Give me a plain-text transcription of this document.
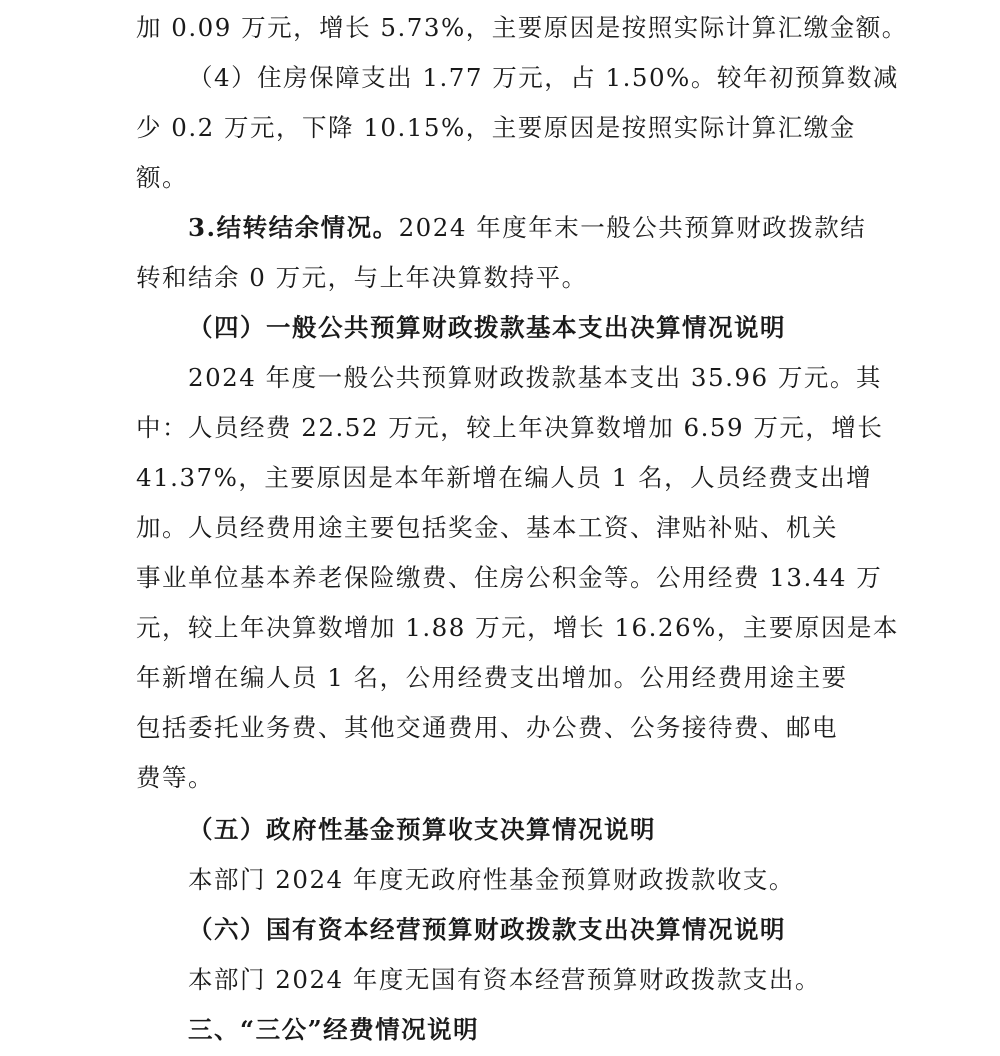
加 0.09 万元，增长 5.73%，主要原因是按照实际计算汇缴金额。
（4）住房保障支出 1.77 万元，占 1.50%。较年初预算数减
少 0.2 万元，下降 10.15%，主要原因是按照实际计算汇缴金
额。
3.结转结余情况。2024 年度年末一般公共预算财政拨款结
转和结余 0 万元，与上年决算数持平。
（四）一般公共预算财政拨款基本支出决算情况说明
2024 年度一般公共预算财政拨款基本支出 35.96 万元。其
中：人员经费 22.52 万元，较上年决算数增加 6.59 万元，增长
41.37%，主要原因是本年新增在编人员 1 名，人员经费支出增
加。人员经费用途主要包括奖金、基本工资、津贴补贴、机关
事业单位基本养老保险缴费、住房公积金等。公用经费 13.44 万
元，较上年决算数增加 1.88 万元，增长 16.26%，主要原因是本
年新增在编人员 1 名，公用经费支出增加。公用经费用途主要
包括委托业务费、其他交通费用、办公费、公务接待费、邮电
费等。
（五）政府性基金预算收支决算情况说明
本部门 2024 年度无政府性基金预算财政拨款收支。
（六）国有资本经营预算财政拨款支出决算情况说明
本部门 2024 年度无国有资本经营预算财政拨款支出。
三、“三公”经费情况说明
